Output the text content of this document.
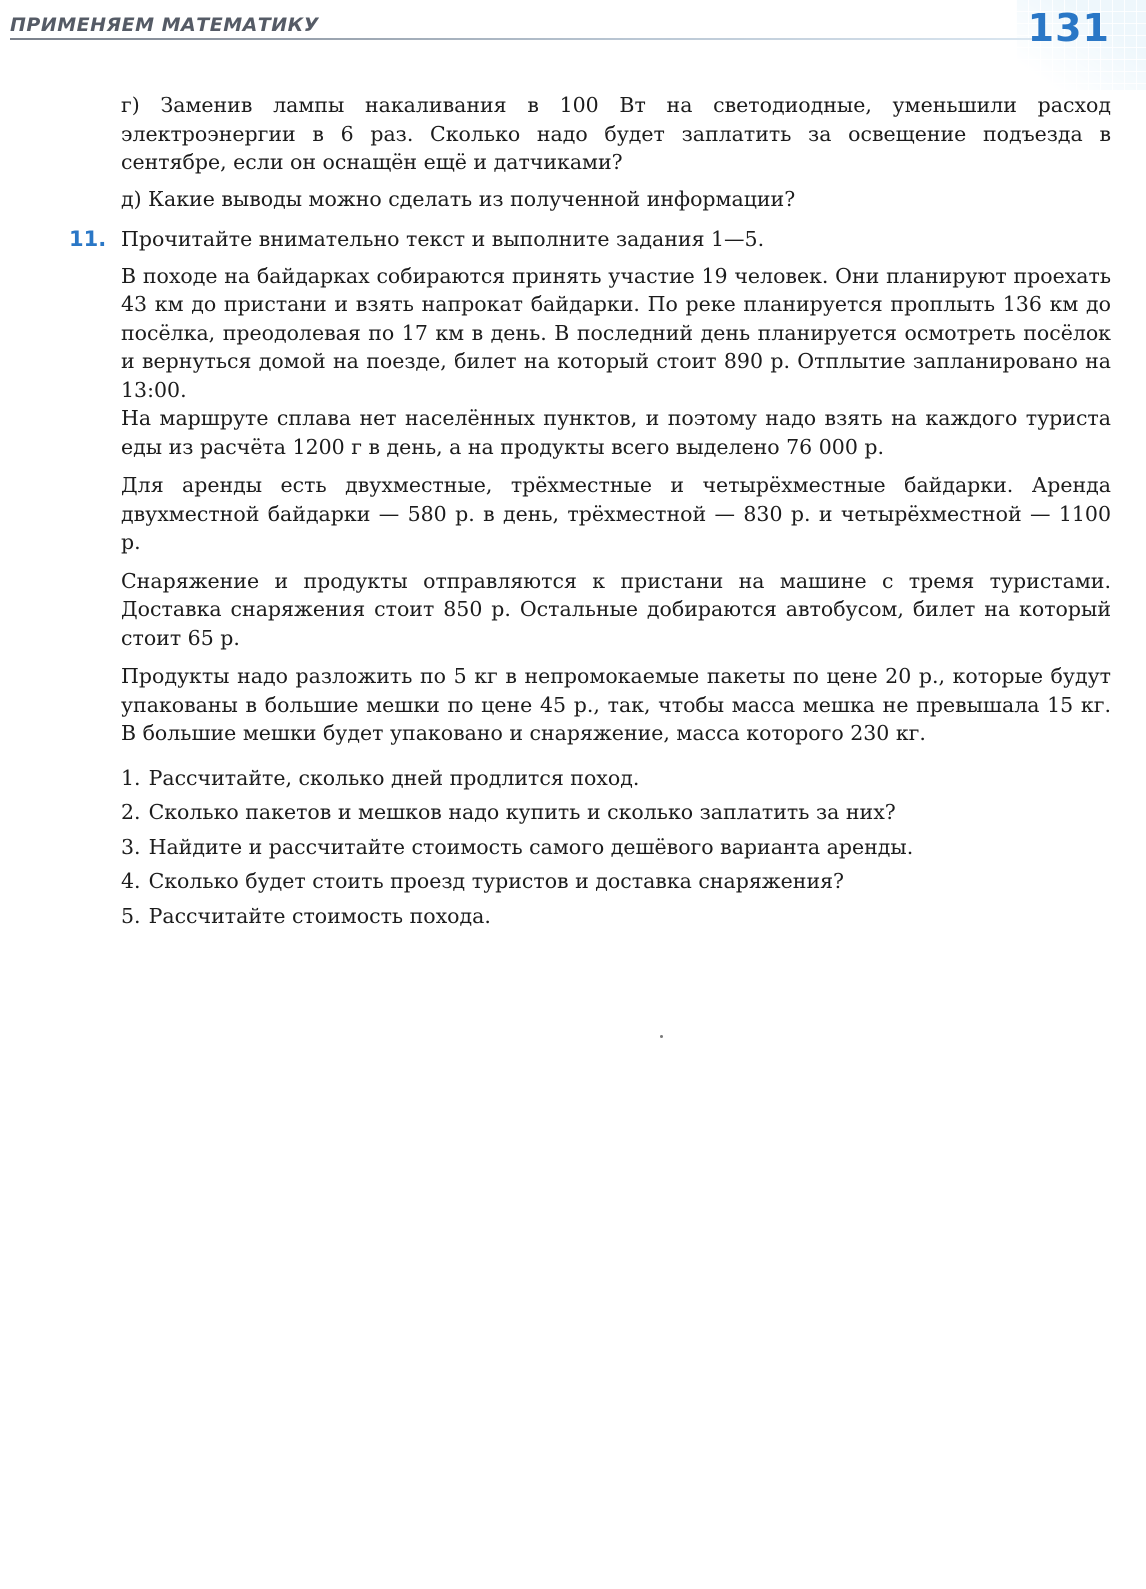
ПРИМЕНЯЕМ МАТЕМАТИКУ	131

г) Заменив лампы накаливания в 100 Вт на светодиодные, уменьшили расход электроэнергии в 6 раз. Сколько надо будет заплатить за освещение подъезда в сентябре, если он оснащён ещё и датчиками?

д) Какие выводы можно сделать из полученной информации?

11. Прочитайте внимательно текст и выполните задания 1—5.

В походе на байдарках собираются принять участие 19 человек. Они планируют проехать 43 км до пристани и взять напрокат байдарки. По реке планируется проплыть 136 км до посёлка, преодолевая по 17 км в день. В последний день планируется осмотреть посёлок и вернуться домой на поезде, билет на который стоит 890 р. Отплытие запланировано на 13:00.

На маршруте сплава нет населённых пунктов, и поэтому надо взять на каждого туриста еды из расчёта 1200 г в день, а на продукты всего выделено 76 000 р.

Для аренды есть двухместные, трёхместные и четырёхместные байдарки. Аренда двухместной байдарки — 580 р. в день, трёхместной — 830 р. и четырёхместной — 1100 р.

Снаряжение и продукты отправляются к пристани на машине с тремя туристами. Доставка снаряжения стоит 850 р. Остальные добираются автобусом, билет на который стоит 65 р.

Продукты надо разложить по 5 кг в непромокаемые пакеты по цене 20 р., которые будут упакованы в большие мешки по цене 45 р., так, чтобы масса мешка не превышала 15 кг. В большие мешки будет упаковано и снаряжение, масса которого 230 кг.

1. Рассчитайте, сколько дней продлится поход.
2. Сколько пакетов и мешков надо купить и сколько заплатить за них?
3. Найдите и рассчитайте стоимость самого дешёвого варианта аренды.
4. Сколько будет стоить проезд туристов и доставка снаряжения?
5. Рассчитайте стоимость похода.
